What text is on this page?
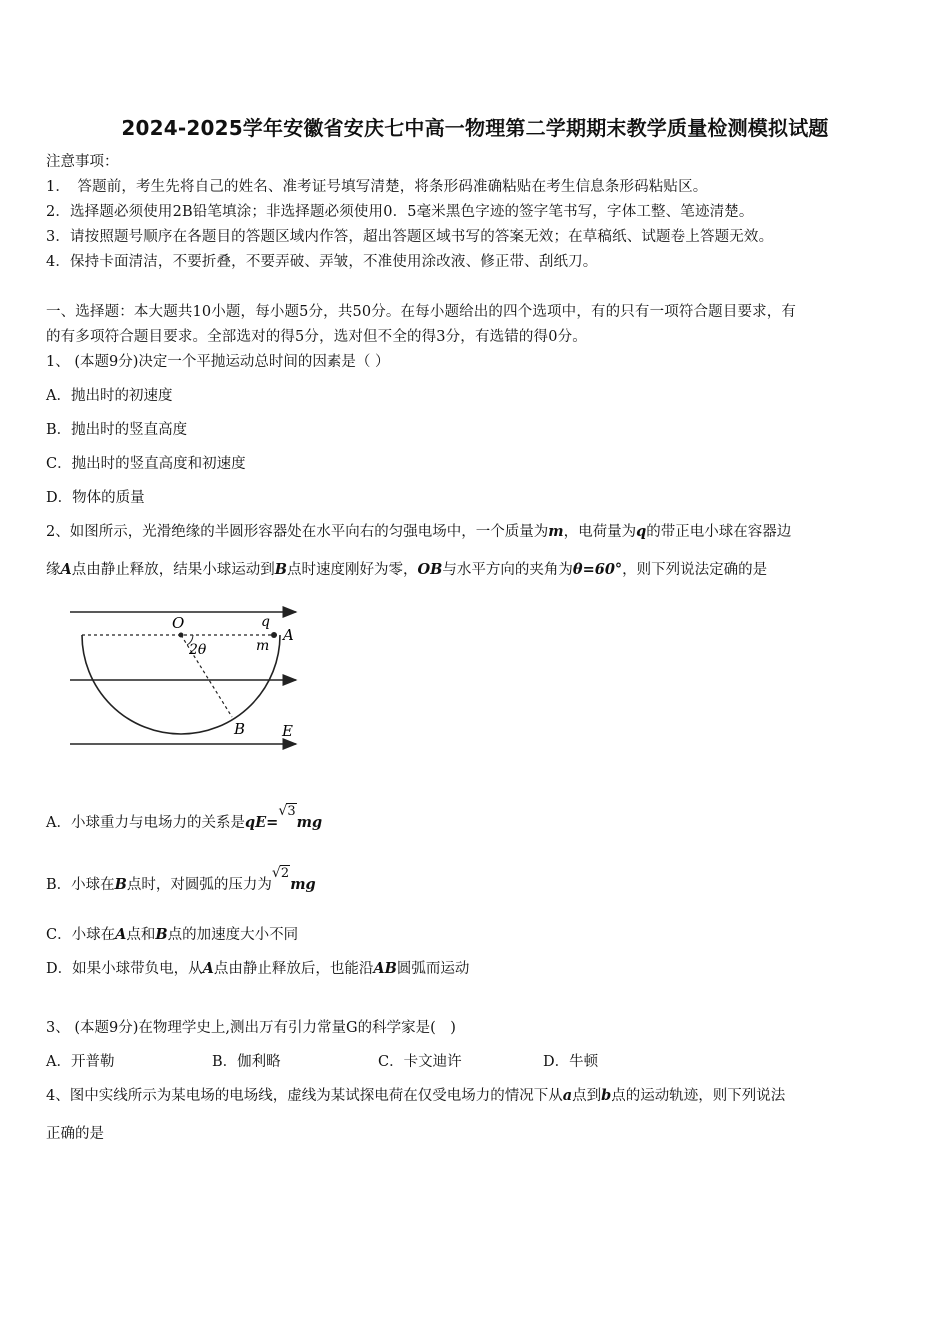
2024-2025学年安徽省安庆七中高一物理第二学期期末教学质量检测模拟试题
注意事项：
1．　答题前，考生先将自己的姓名、准考证号填写清楚，将条形码准确粘贴在考生信息条形码粘贴区。
2．选择题必须使用2B铅笔填涂；非选择题必须使用0．5毫米黑色字迹的签字笔书写，字体工整、笔迹清楚。
3．请按照题号顺序在各题目的答题区域内作答，超出答题区域书写的答案无效；在草稿纸、试题卷上答题无效。
4．保持卡面清洁，不要折叠，不要弄破、弄皱，不准使用涂改液、修正带、刮纸刀。
一、选择题：本大题共10小题，每小题5分，共50分。在每小题给出的四个选项中，有的只有一项符合题目要求，有
的有多项符合题目要求。全部选对的得5分，选对但不全的得3分，有选错的得0分。
1、 (本题9分)决定一个平抛运动总时间的因素是（ ）
A．抛出时的初速度
B．抛出时的竖直高度
C．抛出时的竖直高度和初速度
D．物体的质量
2、如图所示，光滑绝缘的半圆形容器处在水平向右的匀强电场中，一个质量为m，电荷量为q的带正电小球在容器边
缘A点由静止释放，结果小球运动到B点时速度刚好为零，OB与水平方向的夹角为θ=60°，则下列说法定确的是
O	q
m
A
2θ
B E
A．小球重力与电场力的关系是qE=√ 3mg
B．小球在B点时，对圆弧的压力为√ 2mg
C．小球在A点和B点的加速度大小不同
D．如果小球带负电，从A点由静止释放后，也能沿AB圆弧而运动
3、 (本题9分)在物理学史上,测出万有引力常量G的科学家是(　)
A．开普勒	B．伽利略	C．卡文迪许	D．牛顿
4、图中实线所示为某电场的电场线，虚线为某试探电荷在仅受电场力的情况下从a点到b点的运动轨迹，则下列说法
正确的是
